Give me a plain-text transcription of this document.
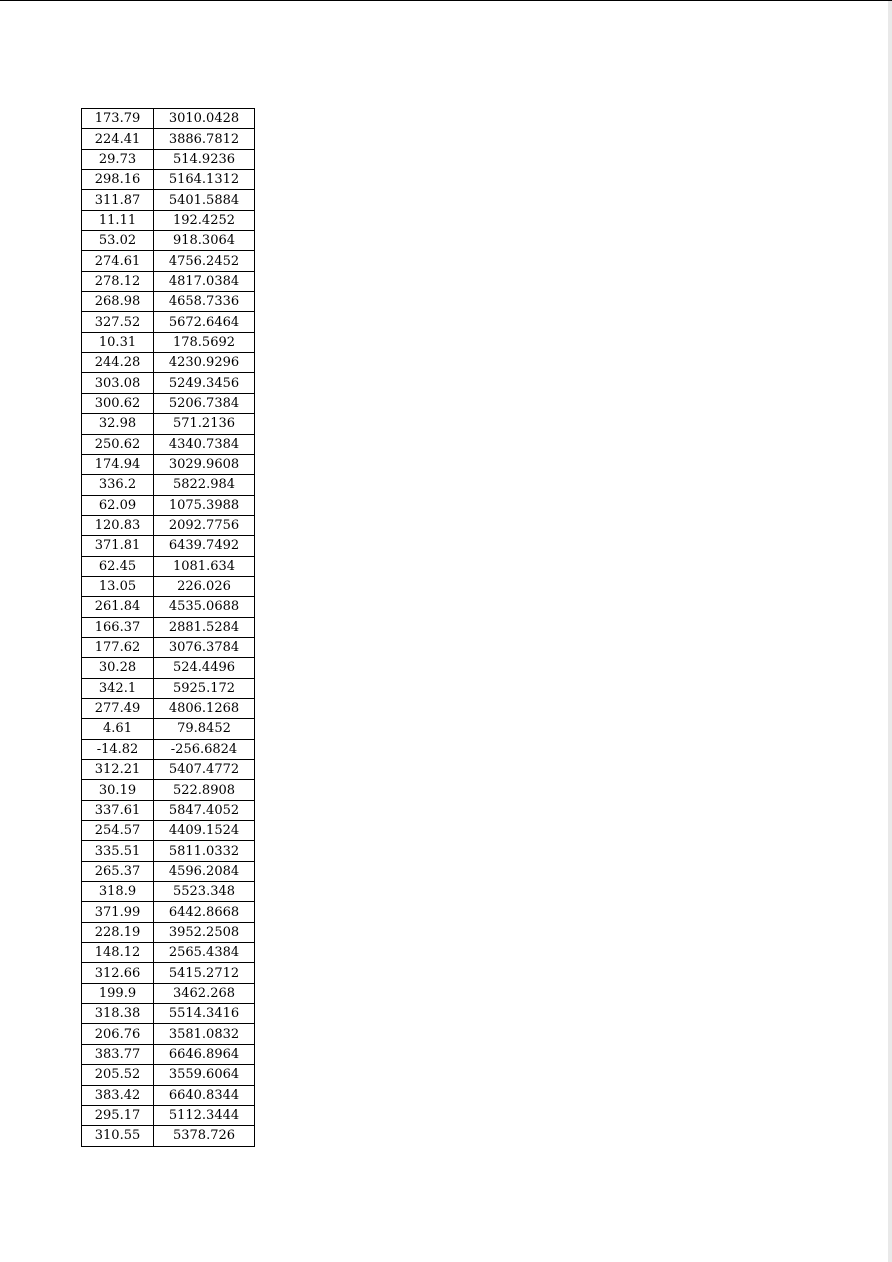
173.79	3010.0428
224.41	3886.7812
29.73	514.9236
298.16	5164.1312
311.87	5401.5884
11.11	192.4252
53.02	918.3064
274.61	4756.2452
278.12	4817.0384
268.98	4658.7336
327.52	5672.6464
10.31	178.5692
244.28	4230.9296
303.08	5249.3456
300.62	5206.7384
32.98	571.2136
250.62	4340.7384
174.94	3029.9608
336.2	5822.984
62.09	1075.3988
120.83	2092.7756
371.81	6439.7492
62.45	1081.634
13.05	226.026
261.84	4535.0688
166.37	2881.5284
177.62	3076.3784
30.28	524.4496
342.1	5925.172
277.49	4806.1268
4.61	79.8452
-14.82	-256.6824
312.21	5407.4772
30.19	522.8908
337.61	5847.4052
254.57	4409.1524
335.51	5811.0332
265.37	4596.2084
318.9	5523.348
371.99	6442.8668
228.19	3952.2508
148.12	2565.4384
312.66	5415.2712
199.9	3462.268
318.38	5514.3416
206.76	3581.0832
383.77	6646.8964
205.52	3559.6064
383.42	6640.8344
295.17	5112.3444
310.55	5378.726
